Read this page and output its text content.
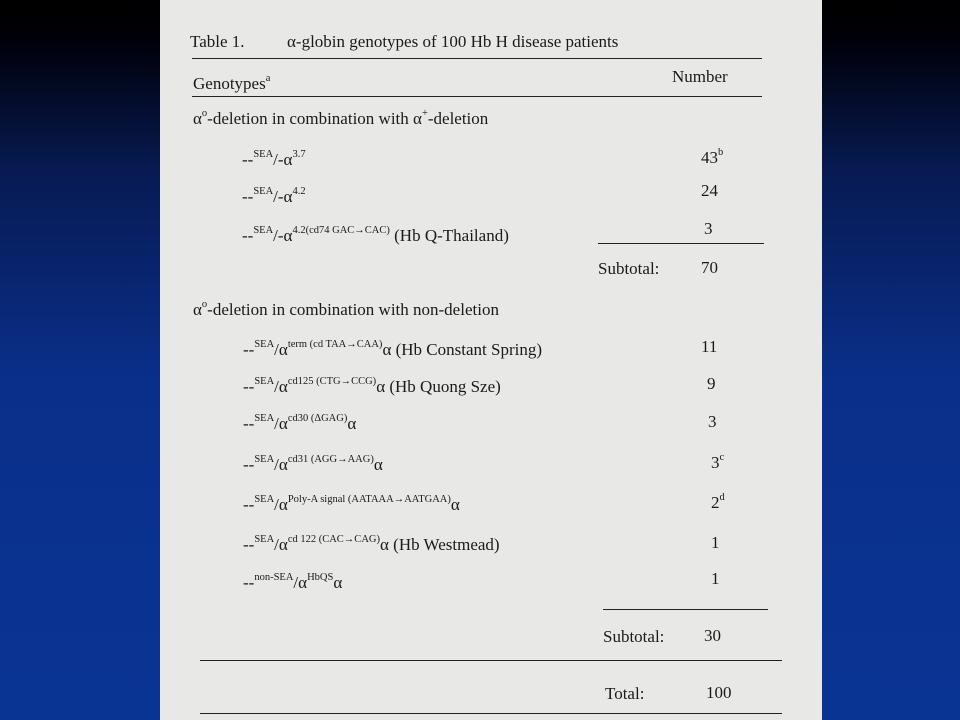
Table 1.	α-globin genotypes of 100 Hb H disease patients
Genotypes$^a$	Number
$\alpha^o$-deletion in combination with α+-deletion
$--^{SEA}/-\alpha^{3.7}$	43$^b$
$--^{SEA}/-\alpha^{4.2}$	24
$--^{SEA}/-\alpha^{4.2(cd74 GAC\to CAC)}$ (Hb Q-Thailand)	3
Subtotal: 70
$\alpha^o$-deletion in combination with non-deletion
$--^{SEA}/\alpha^{term (cd TAA\to CAA)}\alpha$ (Hb Constant Spring)	11
$--^{SEA}/\alpha^{cd125 (CTG\to CCG)}\alpha$ (Hb Quong Sze)	9
$--^{SEA}/\alpha^{cd30 (\Delta GAG)}\alpha$	3
$--^{SEA}/\alpha^{cd31 (AGG\to AAG)}\alpha$	3$^c$
$--^{SEA}/\alpha^{Poly-A signal (AATAAA\to AATGAA)}\alpha$	2$^d$
$--^{SEA}/\alpha^{cd 122 (CAC\to CAG)}\alpha$ (Hb Westmead)	1
$--^{non-SEA}/\alpha^{HbQS}\alpha$	1
Subtotal: 30
Total:	100
